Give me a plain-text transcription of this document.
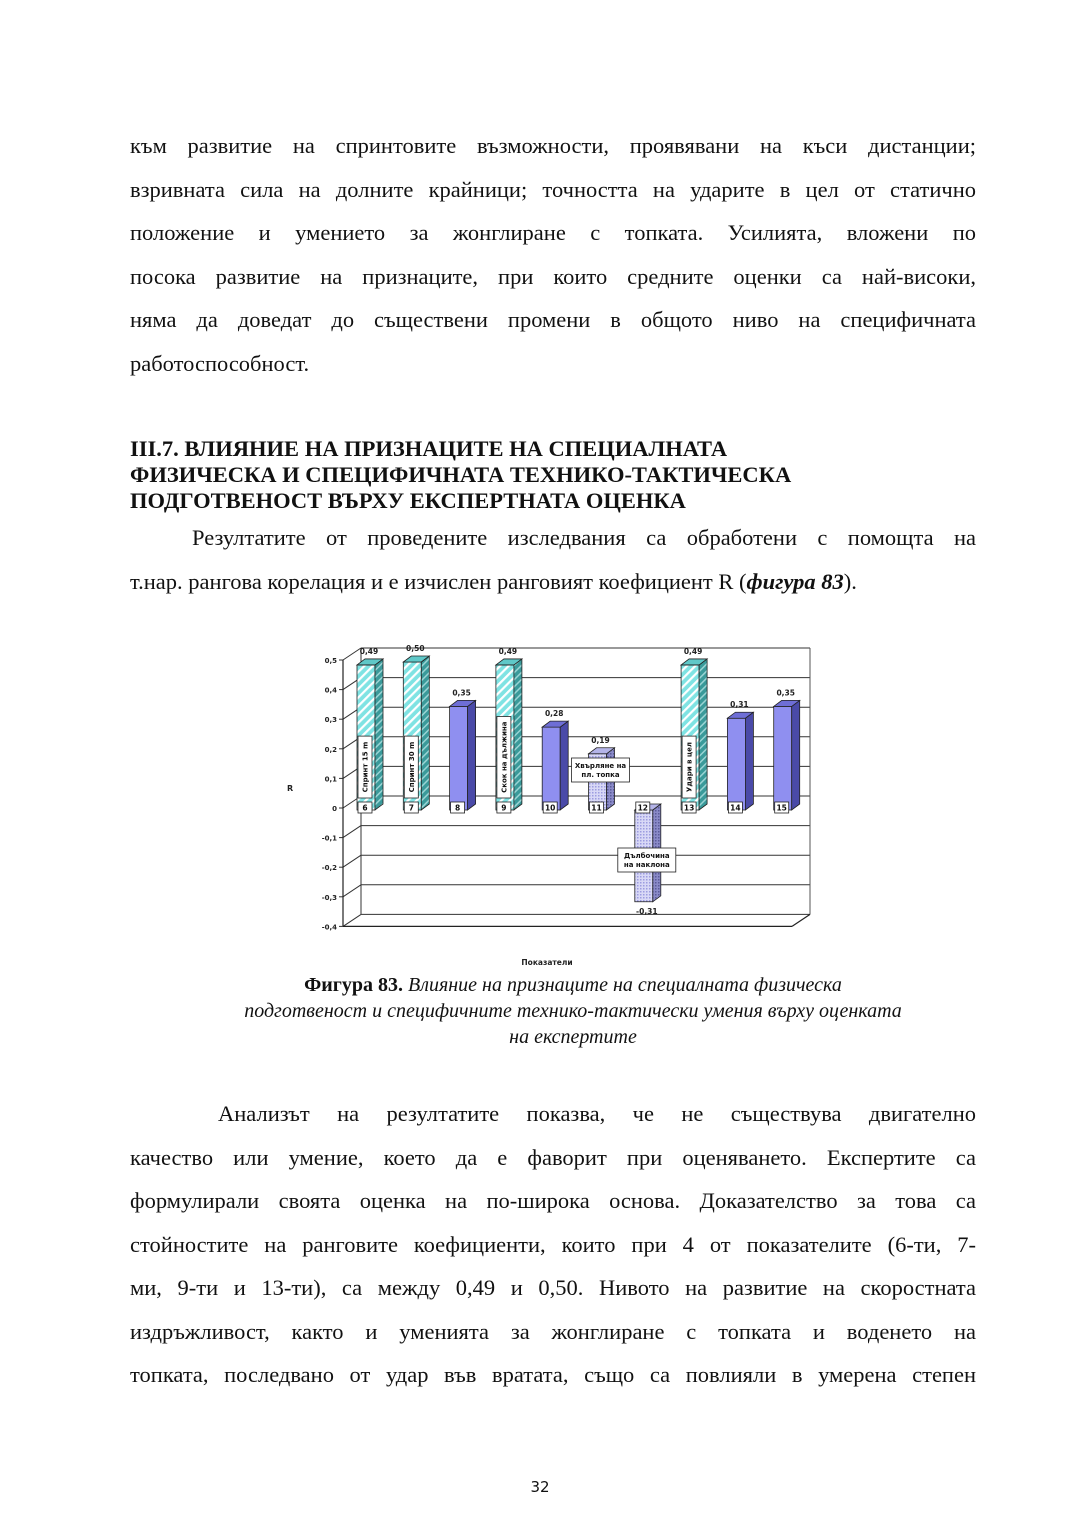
към развитие на спринтовите възможности, проявявани на къси дистанции;
взривната сила на долните крайници; точността на ударите в цел от статично
положение и умението за жонглиране с топката. Усилията, вложени по
посока развитие на признаците, при които средните оценки са най-високи,
няма да доведат до съществени промени в общото ниво на специфичната
работоспособност.
III.7. ВЛИЯНИЕ НА ПРИЗНАЦИТЕ НА СПЕЦИАЛНАТА
ФИЗИЧЕСКА И СПЕЦИФИЧНАТА ТЕХНИКО-ТАКТИЧЕСКА
ПОДГОТВЕНОСТ ВЪРХУ ЕКСПЕРТНАТА ОЦЕНКА
Резултатите от проведените изследвания са обработени с помощта на
т.нар. рангова корелация и е изчислен ранговият коефициент R (фигура 83).
0,5
0,4
0,3
0,2
0,1
0
-0,1
-0,2
-0,3
-0,4
R
Показатели
0,49
6
Спринт 15 m
0,50
7
Спринт 30 m
0,35
8
0,49
9
Скок на дължина
0,28
10
0,19
11
Хвърляне на
пл. топка
-0,31
12
Дълбочина
на наклона
0,49
13
Удари в цел
0,31
14
0,35
15
Фигура 83. Влияние на признаците на специалната физическа
подготвеност и специфичните технико-тактически умения върху оценката
на експертите
Анализът на резултатите показва, че не съществува двигателно
качество или умение, което да е фаворит при оценяването. Експертите са
формулирали своята оценка на по-широка основа. Доказателство за това са
стойностите на ранговите коефициенти, които при 4 от показателите (6-ти, 7-
ми, 9-ти и 13-ти), са между 0,49 и 0,50. Нивото на развитие на скоростната
издръжливост, както и уменията за жонглиране с топката и воденето на
топката, последвано от удар във вратата, също са повлияли в умерена степен
32
